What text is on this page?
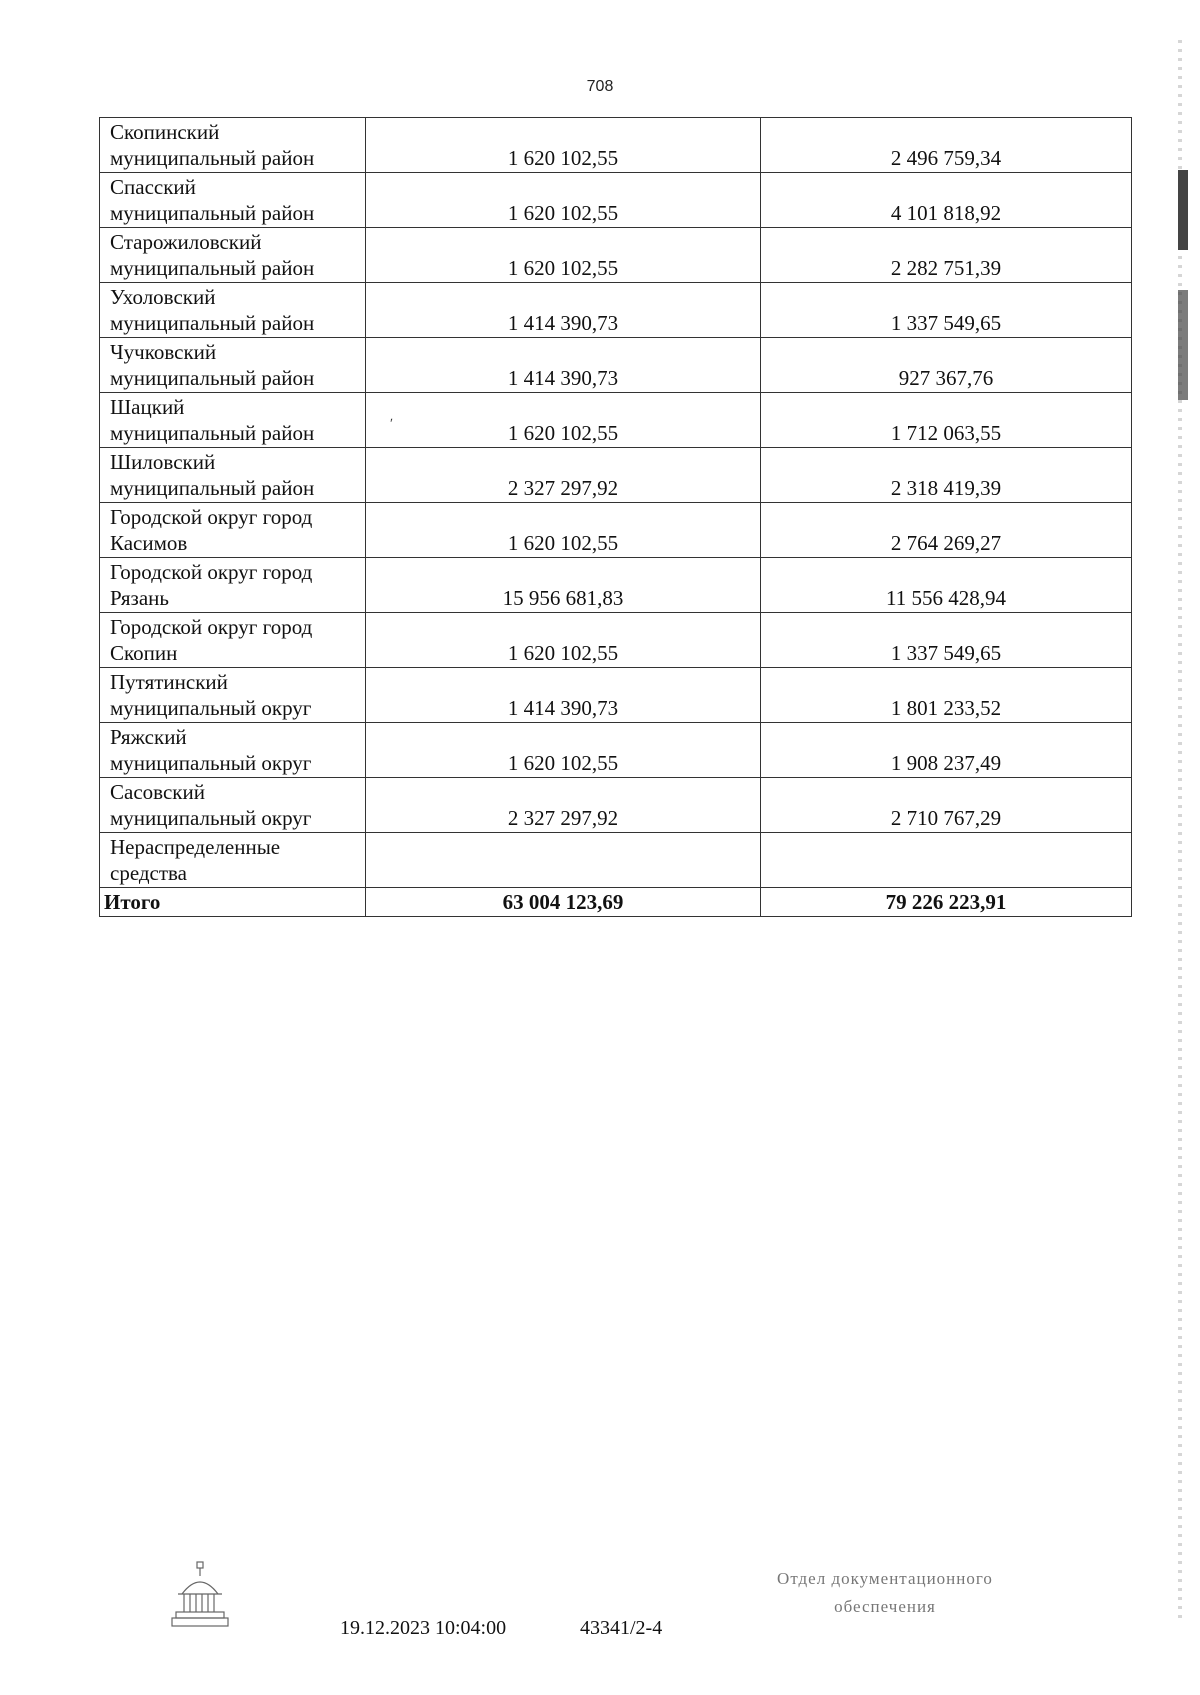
708
Скопинский
муниципальный район	1 620 102,55	2 496 759,34

Спасский
муниципальный район	1 620 102,55	4 101 818,92

Старожиловский
муниципальный район	1 620 102,55	2 282 751,39

Ухоловский
муниципальный район	1 414 390,73	1 337 549,65

Чучковский
муниципальный район	1 414 390,73	927 367,76

Шацкий
муниципальный район	1 620 102,55	1 712 063,55

Шиловский
муниципальный район	2 327 297,92	2 318 419,39

Городской округ город
Касимов	1 620 102,55	2 764 269,27

Городской округ город
Рязань	15 956 681,83	11 556 428,94

Городской округ город
Скопин	1 620 102,55	1 337 549,65

Путятинский
муниципальный округ	1 414 390,73	1 801 233,52

Ряжский
муниципальный округ	1 620 102,55	1 908 237,49

Сасовский
муниципальный округ	2 327 297,92	2 710 767,29

Нераспределенные
средства		

Итого	63 004 123,69	79 226 223,91
ʹ
19.12.2023 10:04:00	43341/2-4
Отдел документационного
обеспечения
